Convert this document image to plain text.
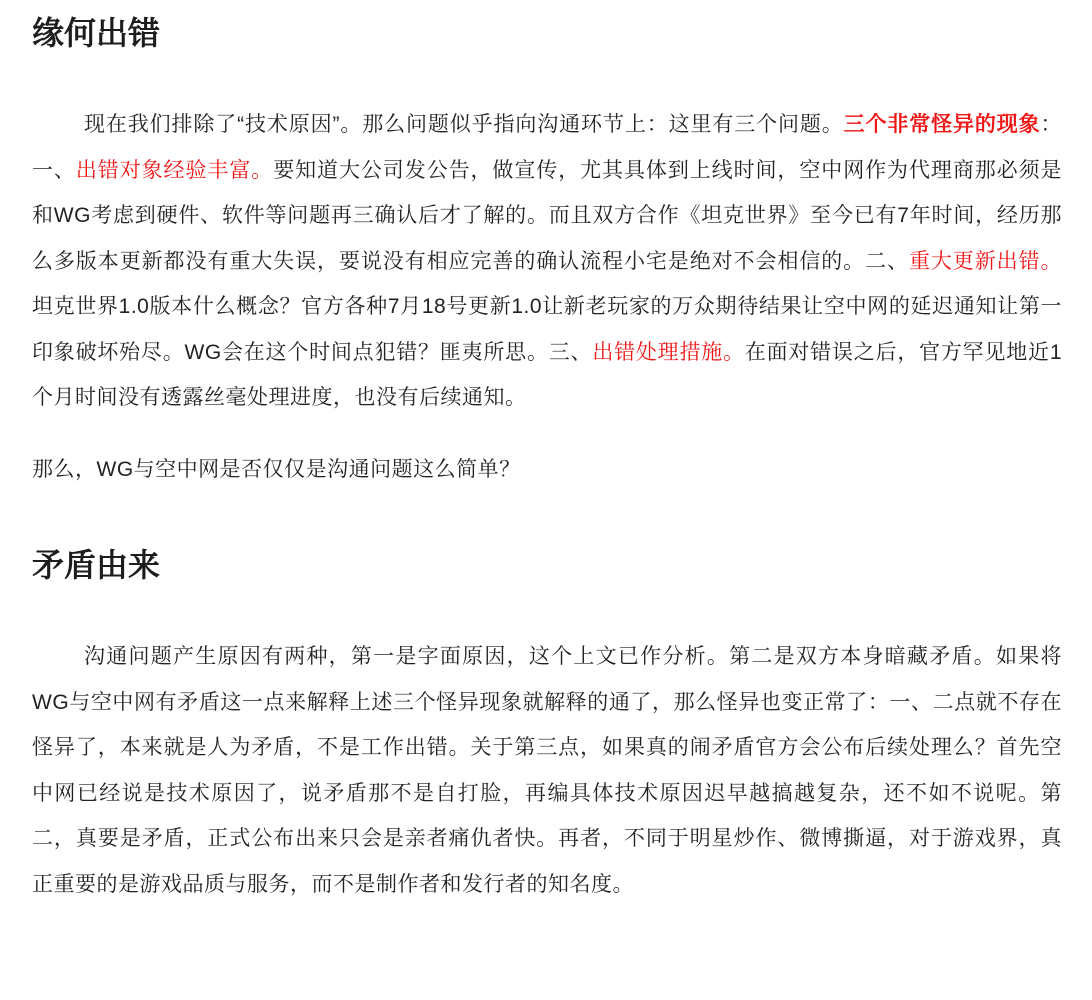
缘何出错

现在我们排除了“技术原因”。那么问题似乎指向沟通环节上：这里有三个问题。三个非常怪异的现象：一、出错对象经验丰富。要知道大公司发公告，做宣传，尤其具体到上线时间，空中网作为代理商那必须是和WG考虑到硬件、软件等问题再三确认后才了解的。而且双方合作《坦克世界》至今已有7年时间，经历那么多版本更新都没有重大失误，要说没有相应完善的确认流程小宅是绝对不会相信的。二、重大更新出错。坦克世界1.0版本什么概念？官方各种7月18号更新1.0让新老玩家的万众期待结果让空中网的延迟通知让第一印象破坏殆尽。WG会在这个时间点犯错？匪夷所思。三、出错处理措施。在面对错误之后，官方罕见地近1个月时间没有透露丝毫处理进度，也没有后续通知。

那么，WG与空中网是否仅仅是沟通问题这么简单？

矛盾由来

沟通问题产生原因有两种，第一是字面原因，这个上文已作分析。第二是双方本身暗藏矛盾。如果将WG与空中网有矛盾这一点来解释上述三个怪异现象就解释的通了，那么怪异也变正常了：一、二点就不存在怪异了，本来就是人为矛盾，不是工作出错。关于第三点，如果真的闹矛盾官方会公布后续处理么？首先空中网已经说是技术原因了，说矛盾那不是自打脸，再编具体技术原因迟早越搞越复杂，还不如不说呢。第二，真要是矛盾，正式公布出来只会是亲者痛仇者快。再者，不同于明星炒作、微博撕逼，对于游戏界，真正重要的是游戏品质与服务，而不是制作者和发行者的知名度。
